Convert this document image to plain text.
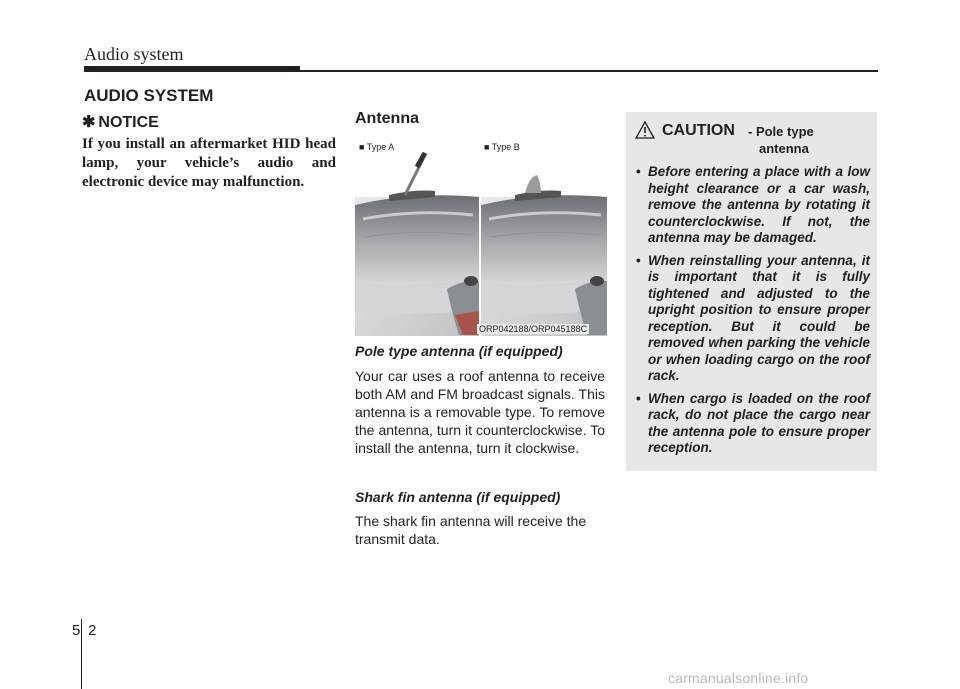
Audio system
AUDIO SYSTEM
✱ NOTICE
If you install an aftermarket HID head lamp, your vehicle’s audio and electronic device may malfunction.
Antenna
■ Type A	■ Type B
ORP042188/ORP045188C
Pole type antenna (if equipped)
Your car uses a roof antenna to receive both AM and FM broadcast signals. This antenna is a removable type. To remove the antenna, turn it counterclockwise. To install the antenna, turn it clockwise.
Shark fin antenna (if equipped)
The shark fin antenna will receive the transmit data.
CAUTION - Pole type
antenna
• Before entering a place with a low height clearance or a car wash, remove the antenna by rotating it counterclockwise. If not, the antenna may be damaged.
• When reinstalling your antenna, it is important that it is fully tightened and adjusted to the upright position to ensure proper reception. But it could be removed when parking the vehicle or when loading cargo on the roof rack.
• When cargo is loaded on the roof rack, do not place the cargo near the antenna pole to ensure proper reception.
5 2
carmanualsonline.info
